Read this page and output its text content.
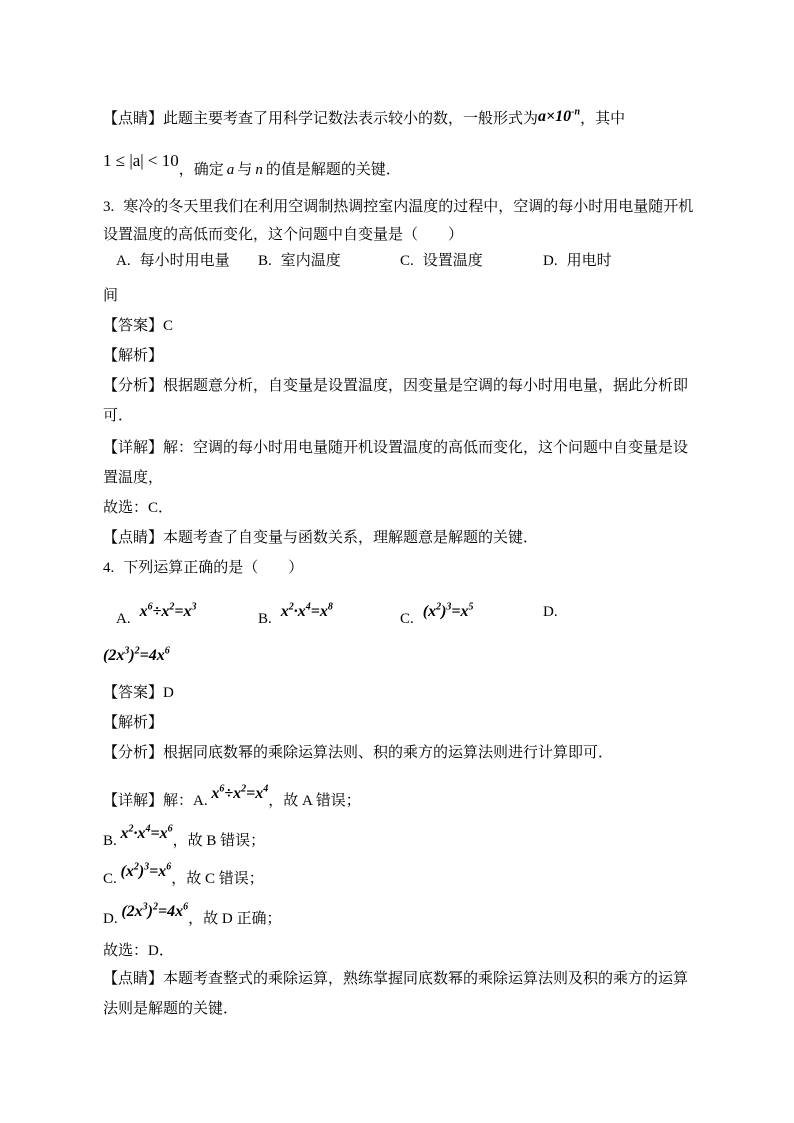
【点睛】此题主要考查了用科学记数法表示较小的数，一般形式为$a\times 10^{-n}$，其中
1 ≤ |a| < 10，确定 a 与 n 的值是解题的关键．
3. 寒冷的冬天里我们在利用空调制热调控室内温度的过程中，空调的每小时用电量随开机
设置温度的高低而变化，这个问题中自变量是（　　）
A. 每小时用电量 B. 室内温度	C. 设置温度	D. 用电时
间
【答案】C
【解析】
【分析】根据题意分析，自变量是设置温度，因变量是空调的每小时用电量，据此分析即
可．
【详解】解：空调的每小时用电量随开机设置温度的高低而变化，这个问题中自变量是设
置温度，
故选：C．
【点睛】本题考查了自变量与函数关系，理解题意是解题的关键．
4. 下列运算正确的是（　　）
A. $x^6\div x^2=x^3$
B. $x^2\cdot x^4=x^8$
C. $(x^2)^3=x^5$	D.
$(2x^3)^2=4x^6$
【答案】D
【解析】
【分析】根据同底数幂的乘除运算法则、积的乘方的运算法则进行计算即可．
【详解】解：A. $x^6\div x^2=x^4$，故 A 错误；
B. $x^2\cdot x^4=x^6$，故 B 错误；
C. $(x^2)^3=x^6$，故 C 错误；
D. $(2x^3)^2=4x^6$，故 D 正确；
故选：D．
【点睛】本题考查整式的乘除运算，熟练掌握同底数幂的乘除运算法则及积的乘方的运算
法则是解题的关键．
